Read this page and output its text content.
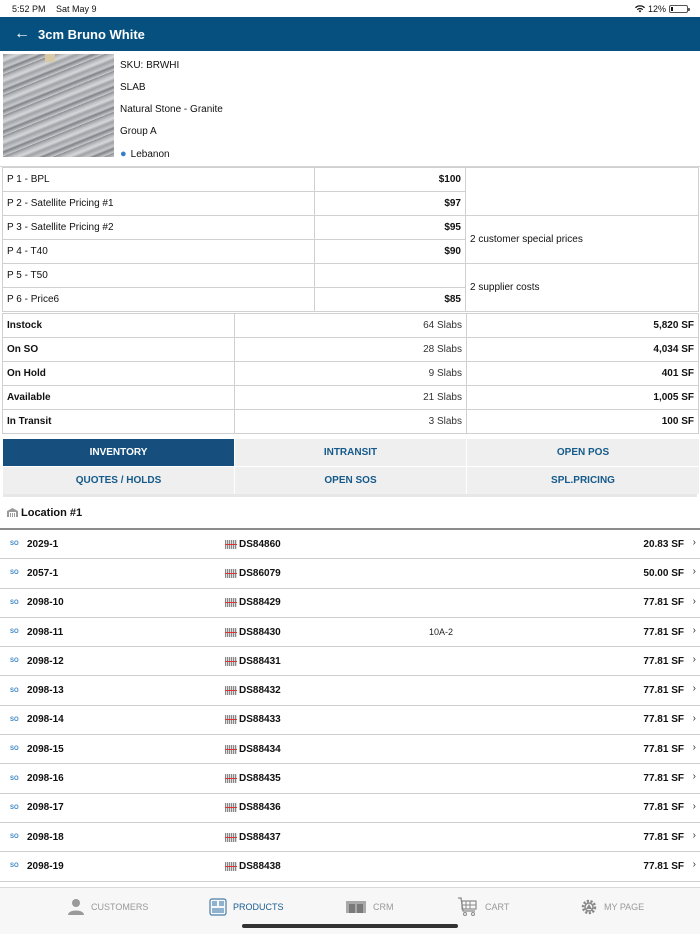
5:52 PM Sat May 9	12%
← 3cm Bruno White
SKU: BRWHI
SLAB
Natural Stone - Granite
Group A
● Lebanon
P 1 - BPL	$100	
P 2 - Satellite Pricing #1	$97	
P 3 - Satellite Pricing #2	$95	2 customer special prices
P 4 - T40	$90	
P 5 - T50		2 supplier costs
P 6 - Price6	$85	
Instock	64 Slabs	5,820 SF
On SO	28 Slabs	4,034 SF
On Hold	9 Slabs	401 SF
Available	21 Slabs	1,005 SF
In Transit	3 Slabs	100 SF
INVENTORY	INTRANSIT	OPEN POS
QUOTES / HOLDS	OPEN SOS	SPL.PRICING
Location #1
SO 2029-1	DS84860	20.83 SF ›
SO 2057-1	DS86079	50.00 SF ›
SO 2098-10	DS88429	77.81 SF ›
SO 2098-11	DS88430	10A-2	77.81 SF ›
SO 2098-12	DS88431	77.81 SF ›
SO 2098-13	DS88432	77.81 SF ›
SO 2098-14	DS88433	77.81 SF ›
SO 2098-15	DS88434	77.81 SF ›
SO 2098-16	DS88435	77.81 SF ›
SO 2098-17	DS88436	77.81 SF ›
SO 2098-18	DS88437	77.81 SF ›
SO 2098-19	DS88438	77.81 SF ›
CUSTOMERS	PRODUCTS	CRM	CART	MY PAGE
